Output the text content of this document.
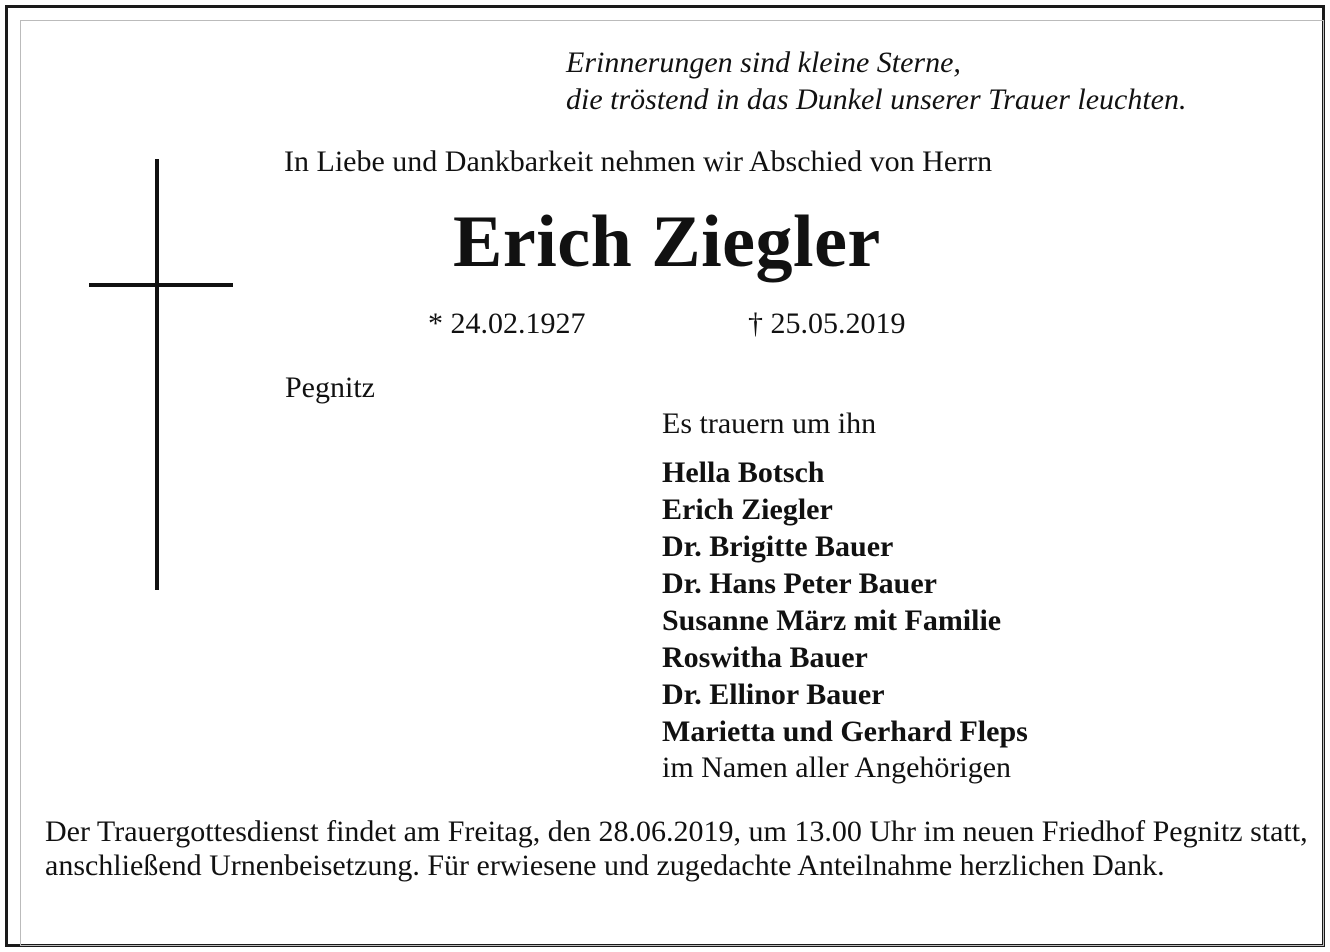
Erinnerungen sind kleine Sterne,
die tröstend in das Dunkel unserer Trauer leuchten.
In Liebe und Dankbarkeit nehmen wir Abschied von Herrn
Erich Ziegler
* 24.02.1927	† 25.05.2019
Pegnitz
Es trauern um ihn
Hella Botsch
Erich Ziegler
Dr. Brigitte Bauer
Dr. Hans Peter Bauer
Susanne März mit Familie
Roswitha Bauer
Dr. Ellinor Bauer
Marietta und Gerhard Fleps
im Namen aller Angehörigen
Der Trauergottesdienst findet am Freitag, den 28.06.2019, um 13.00 Uhr im neuen Friedhof Pegnitz statt, anschließend Urnenbeisetzung. Für erwiesene und zugedachte Anteilnahme herzlichen Dank.
